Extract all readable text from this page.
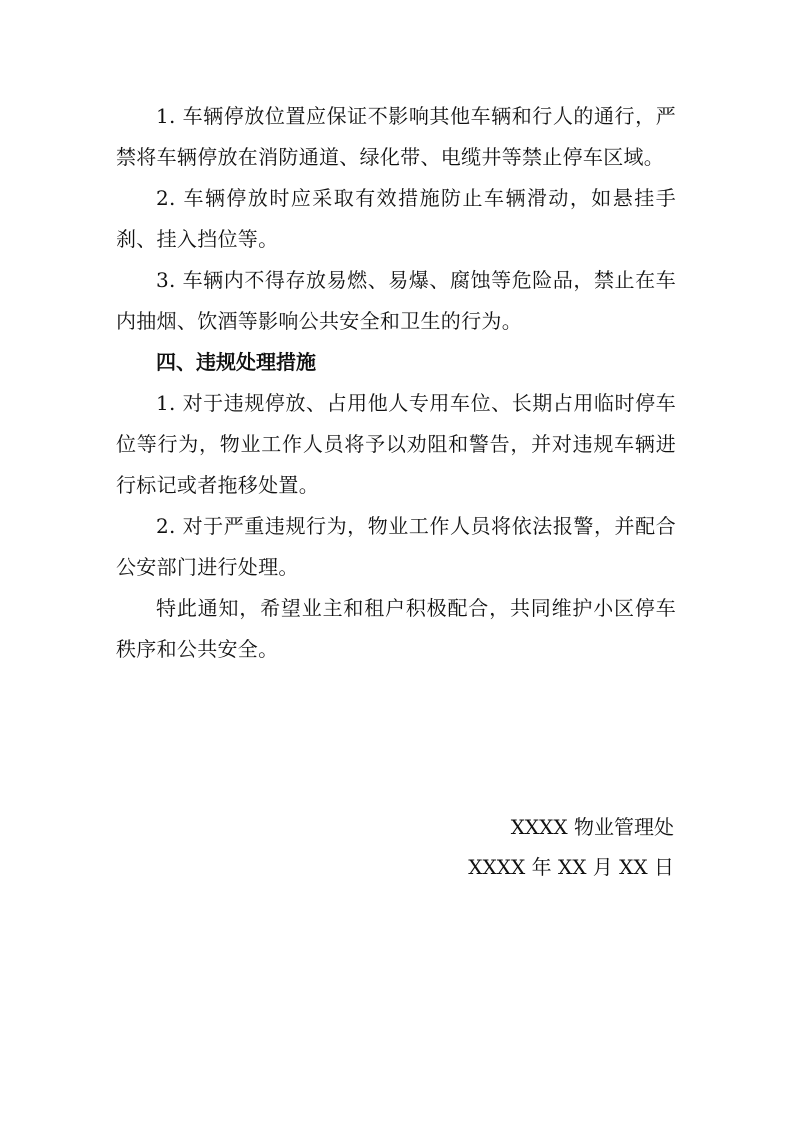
1. 车辆停放位置应保证不影响其他车辆和行人的通行，严禁将车辆停放在消防通道、绿化带、电缆井等禁止停车区域。

2. 车辆停放时应采取有效措施防止车辆滑动，如悬挂手刹、挂入挡位等。

3. 车辆内不得存放易燃、易爆、腐蚀等危险品，禁止在车内抽烟、饮酒等影响公共安全和卫生的行为。

四、违规处理措施

1. 对于违规停放、占用他人专用车位、长期占用临时停车位等行为，物业工作人员将予以劝阻和警告，并对违规车辆进行标记或者拖移处置。

2. 对于严重违规行为，物业工作人员将依法报警，并配合公安部门进行处理。

特此通知，希望业主和租户积极配合，共同维护小区停车秩序和公共安全。

XXXX 物业管理处

XXXX 年 XX 月 XX 日
